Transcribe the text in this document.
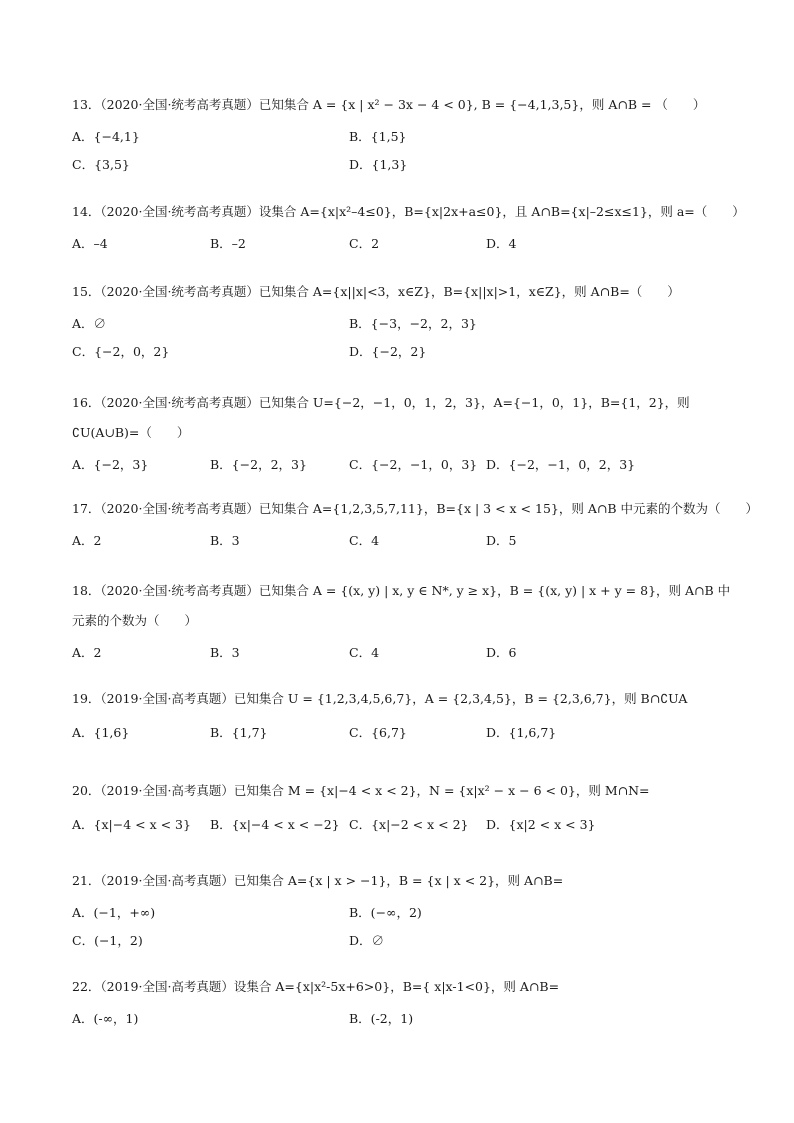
13．（2020·全国·统考高考真题）已知集合 A = {x | x² − 3x − 4 < 0}, B = {−4,1,3,5}，则 A∩B = （　　）
A．{−4,1}	B．{1,5}
C．{3,5}	D．{1,3}
14．（2020·全国·统考高考真题）设集合 A={x|x²–4≤0}，B={x|2x+a≤0}，且 A∩B={x|–2≤x≤1}，则 a=（　　）
A．–4	B．–2	C．2	D．4
15．（2020·全国·统考高考真题）已知集合 A={x||x|<3，x∈Z}，B={x||x|>1，x∈Z}，则 A∩B=（　　）
A．∅	B．{−3，−2，2，3}
C．{−2，0，2}	D．{−2，2}
16．（2020·全国·统考高考真题）已知集合 U={−2，−1，0，1，2，3}，A={−1，0，1}，B={1，2}，则 ∁U(A∪B)=（　　）
A．{−2，3}	B．{−2，2，3}	C．{−2，−1，0，3} D．{−2，−1，0，2，3}
17．（2020·全国·统考高考真题）已知集合 A={1,2,3,5,7,11}，B={x | 3 < x < 15}，则 A∩B 中元素的个数为（　　）
A．2	B．3	C．4	D．5
18．（2020·全国·统考高考真题）已知集合 A = {(x, y) | x, y ∈ N*, y ≥ x}，B = {(x, y) | x + y = 8}，则 A∩B 中元素的个数为（　　）
A．2	B．3	C．4	D．6
19．（2019·全国·高考真题）已知集合 U = {1,2,3,4,5,6,7}，A = {2,3,4,5}，B = {2,3,6,7}，则 B∩∁UA
A．{1,6}	B．{1,7}	C．{6,7}	D．{1,6,7}
20．（2019·全国·高考真题）已知集合 M = {x|−4 < x < 2}，N = {x|x² − x − 6 < 0}，则 M∩N=
A．{x|−4 < x < 3} B．{x|−4 < x < −2} C．{x|−2 < x < 2} D．{x|2 < x < 3}
21．（2019·全国·高考真题）已知集合 A={x | x > −1}，B = {x | x < 2}，则 A∩B=
A．(−1，+∞)	B．(−∞，2)
C．(−1，2)	D．∅
22．（2019·全国·高考真题）设集合 A={x|x²-5x+6>0}，B={ x|x-1<0}，则 A∩B=
A．(-∞，1)	B．(-2，1)
